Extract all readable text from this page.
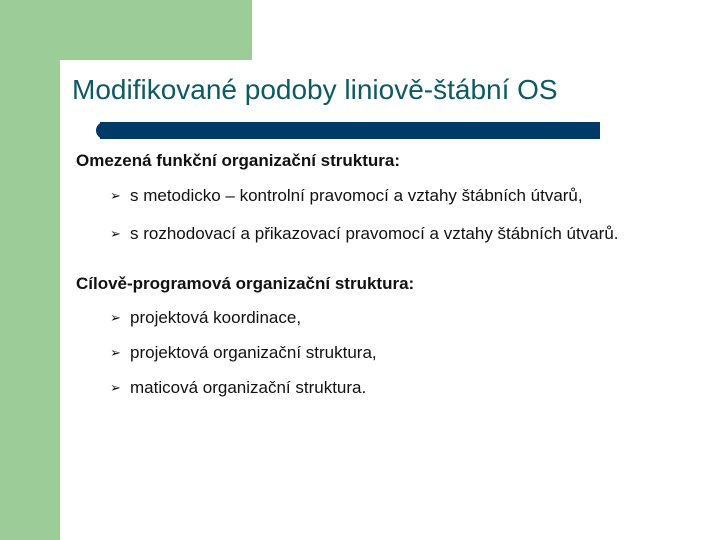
Modifikované podoby liniově-štábní OS

Omezená funkční organizační struktura:

➢ s metodicko – kontrolní pravomocí a vztahy štábních útvarů,
➢ s rozhodovací a přikazovací pravomocí a vztahy štábních útvarů.

Cílově-programová organizační struktura:

➢ projektová koordinace,
➢ projektová organizační struktura,
➢ maticová organizační struktura.
